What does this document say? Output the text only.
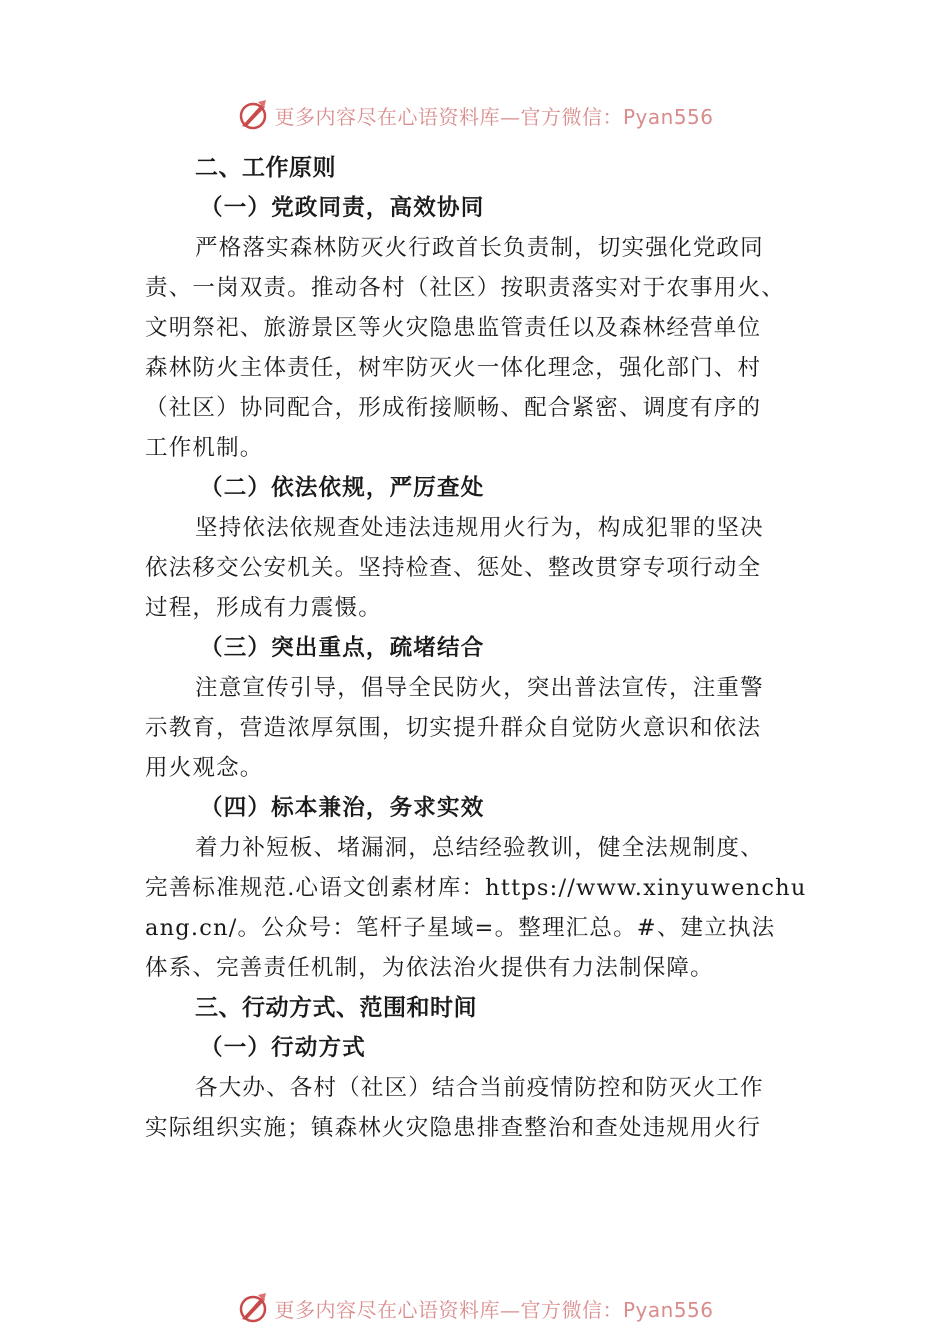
更多内容尽在心语资料库—官方微信：Pyan556
二、工作原则
（一）党政同责，高效协同
严格落实森林防灭火行政首长负责制，切实强化党政同
责、一岗双责。推动各村（社区）按职责落实对于农事用火、
文明祭祀、旅游景区等火灾隐患监管责任以及森林经营单位
森林防火主体责任，树牢防灭火一体化理念，强化部门、村
（社区）协同配合，形成衔接顺畅、配合紧密、调度有序的
工作机制。
（二）依法依规，严厉查处
坚持依法依规查处违法违规用火行为，构成犯罪的坚决
依法移交公安机关。坚持检查、惩处、整改贯穿专项行动全
过程，形成有力震慑。
（三）突出重点，疏堵结合
注意宣传引导，倡导全民防火，突出普法宣传，注重警
示教育，营造浓厚氛围，切实提升群众自觉防火意识和依法
用火观念。
（四）标本兼治，务求实效
着力补短板、堵漏洞，总结经验教训，健全法规制度、
完善标准规范.心语文创素材库：https://www.xinyuwenchu
ang.cn/。公众号：笔杆子星域=。整理汇总。#、建立执法
体系、完善责任机制，为依法治火提供有力法制保障。
三、行动方式、范围和时间
（一）行动方式
各大办、各村（社区）结合当前疫情防控和防灭火工作
实际组织实施；镇森林火灾隐患排查整治和查处违规用火行
更多内容尽在心语资料库—官方微信：Pyan556
